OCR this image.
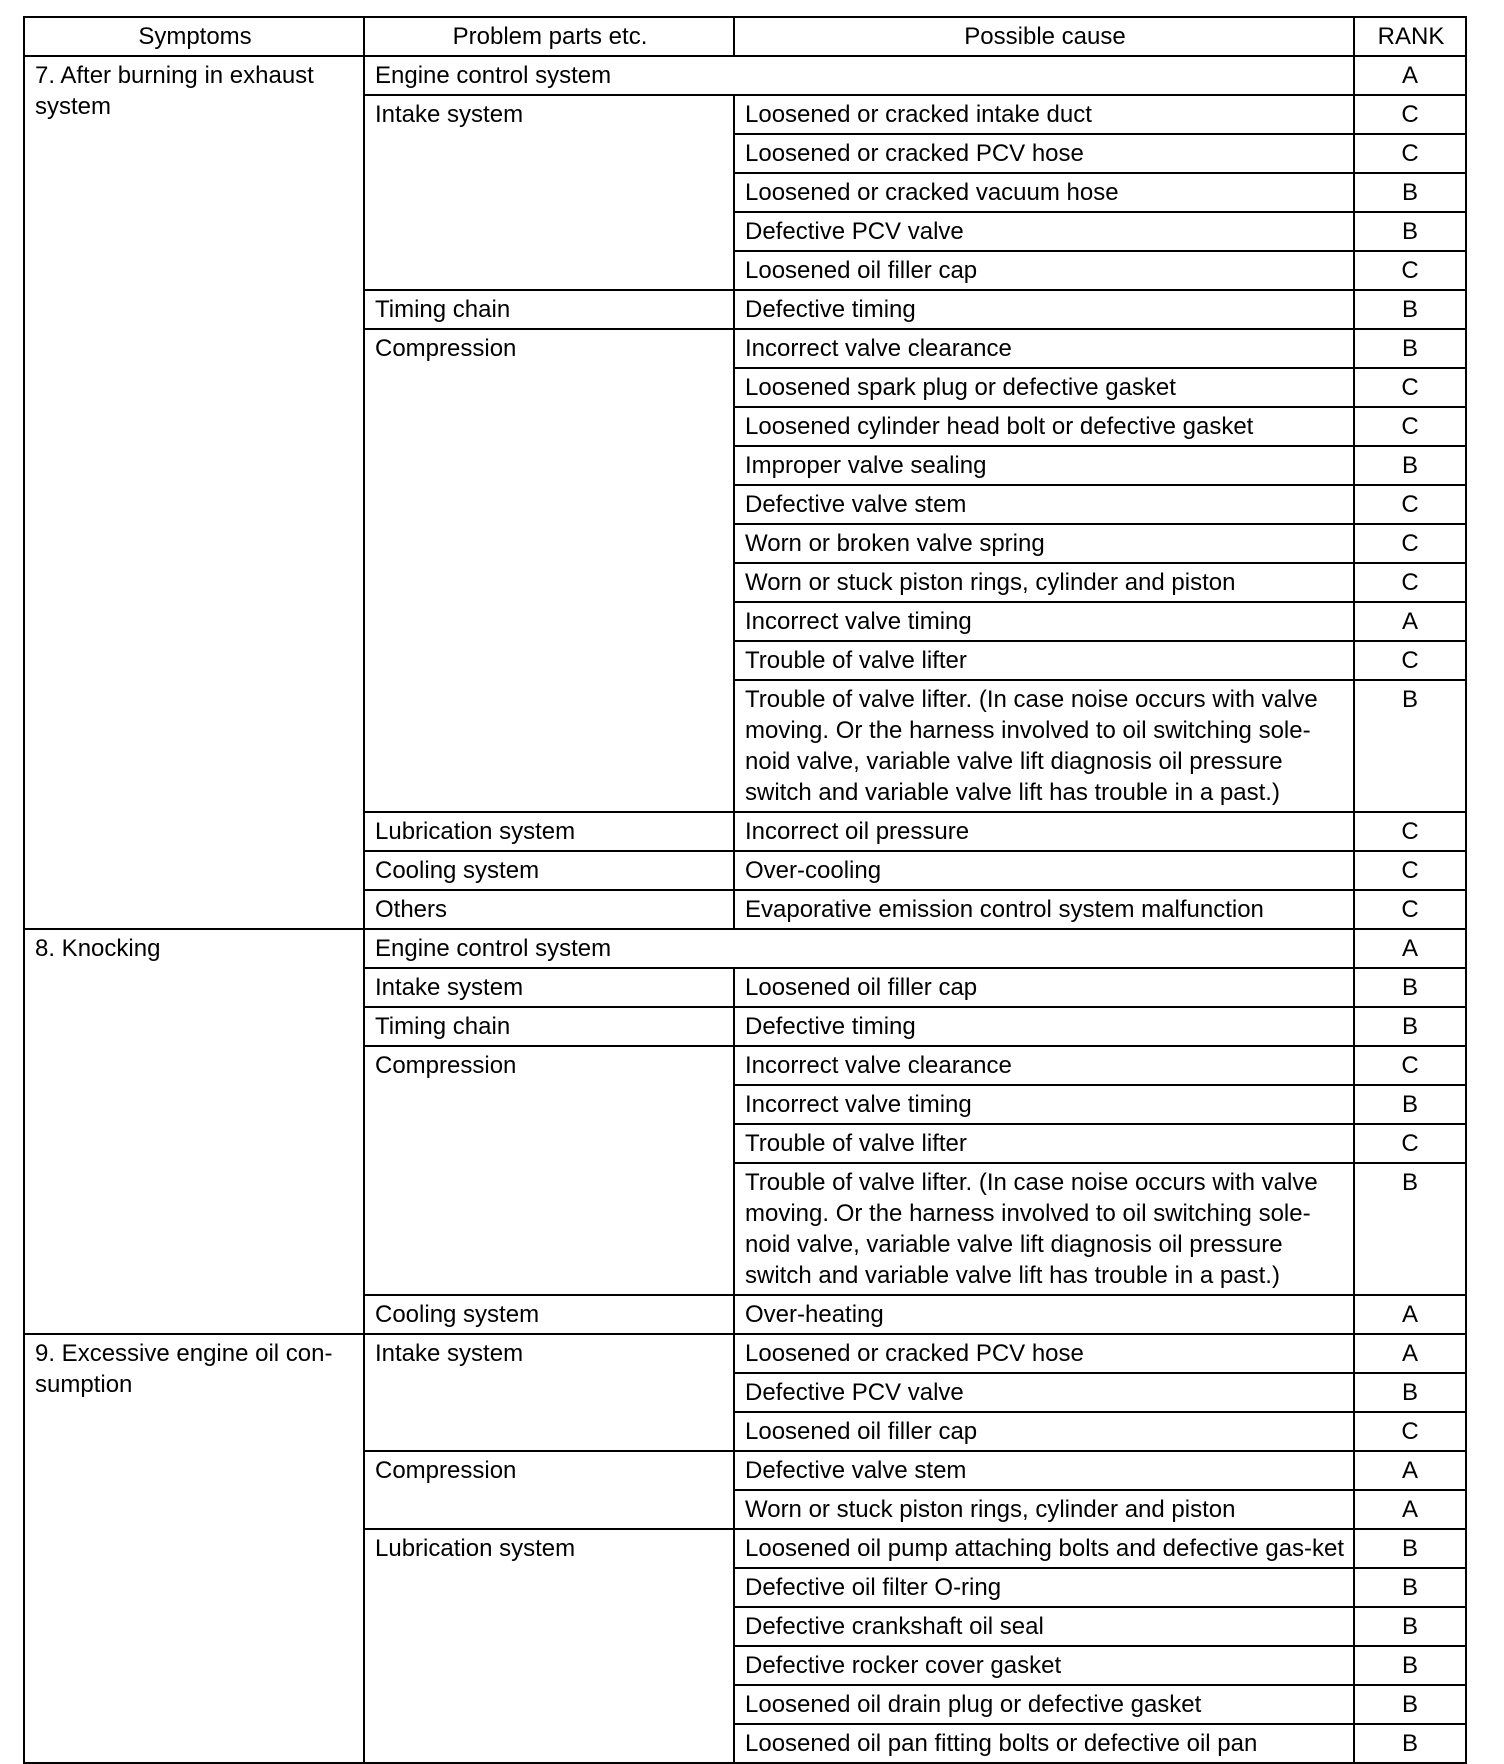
Symptoms	Problem parts etc.	Possible cause	RANK
7. After burning in exhaust system	Engine control system		A
	Intake system	Loosened or cracked intake duct	C
		Loosened or cracked PCV hose	C
		Loosened or cracked vacuum hose	B
		Defective PCV valve	B
		Loosened oil filler cap	C
	Timing chain	Defective timing	B
	Compression	Incorrect valve clearance	B
		Loosened spark plug or defective gasket	C
		Loosened cylinder head bolt or defective gasket	C
		Improper valve sealing	B
		Defective valve stem	C
		Worn or broken valve spring	C
		Worn or stuck piston rings, cylinder and piston	C
		Incorrect valve timing	A
		Trouble of valve lifter	C
		Trouble of valve lifter. (In case noise occurs with valve moving. Or the harness involved to oil switching sole-noid valve, variable valve lift diagnosis oil pressure switch and variable valve lift has trouble in a past.)	B
	Lubrication system	Incorrect oil pressure	C
	Cooling system	Over-cooling	C
	Others	Evaporative emission control system malfunction	C
8. Knocking	Engine control system		A
	Intake system	Loosened oil filler cap	B
	Timing chain	Defective timing	B
	Compression	Incorrect valve clearance	C
		Incorrect valve timing	B
		Trouble of valve lifter	C
		Trouble of valve lifter. (In case noise occurs with valve moving. Or the harness involved to oil switching sole-noid valve, variable valve lift diagnosis oil pressure switch and variable valve lift has trouble in a past.)	B
	Cooling system	Over-heating	A
9. Excessive engine oil con-sumption	Intake system	Loosened or cracked PCV hose	A
		Defective PCV valve	B
		Loosened oil filler cap	C
	Compression	Defective valve stem	A
		Worn or stuck piston rings, cylinder and piston	A
	Lubrication system	Loosened oil pump attaching bolts and defective gas-ket	B
		Defective oil filter O-ring	B
		Defective crankshaft oil seal	B
		Defective rocker cover gasket	B
		Loosened oil drain plug or defective gasket	B
		Loosened oil pan fitting bolts or defective oil pan	B
